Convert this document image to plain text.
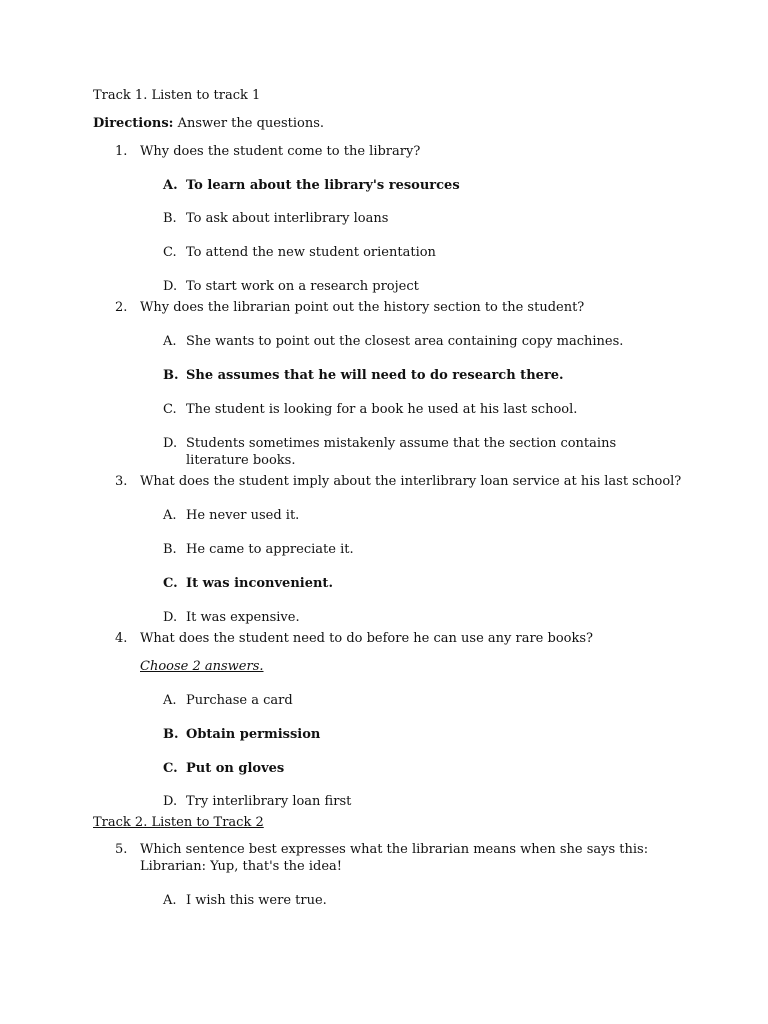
Track 1. Listen to track 1
Directions: Answer the questions.
1. Why does the student come to the library?
A. To learn about the library's resources
B. To ask about interlibrary loans
C. To attend the new student orientation
D. To start work on a research project
2. Why does the librarian point out the history section to the student?
A. She wants to point out the closest area containing copy machines.
B. She assumes that he will need to do research there.
C. The student is looking for a book he used at his last school.
D. Students sometimes mistakenly assume that the section contains literature books.
3. What does the student imply about the interlibrary loan service at his last school?
A. He never used it.
B. He came to appreciate it.
C. It was inconvenient.
D. It was expensive.
4. What does the student need to do before he can use any rare books?
Choose 2 answers.
A. Purchase a card
B. Obtain permission
C. Put on gloves
D. Try interlibrary loan first
Track 2. Listen to Track 2
5. Which sentence best expresses what the librarian means when she says this: Librarian: Yup, that's the idea!
A. I wish this were true.
